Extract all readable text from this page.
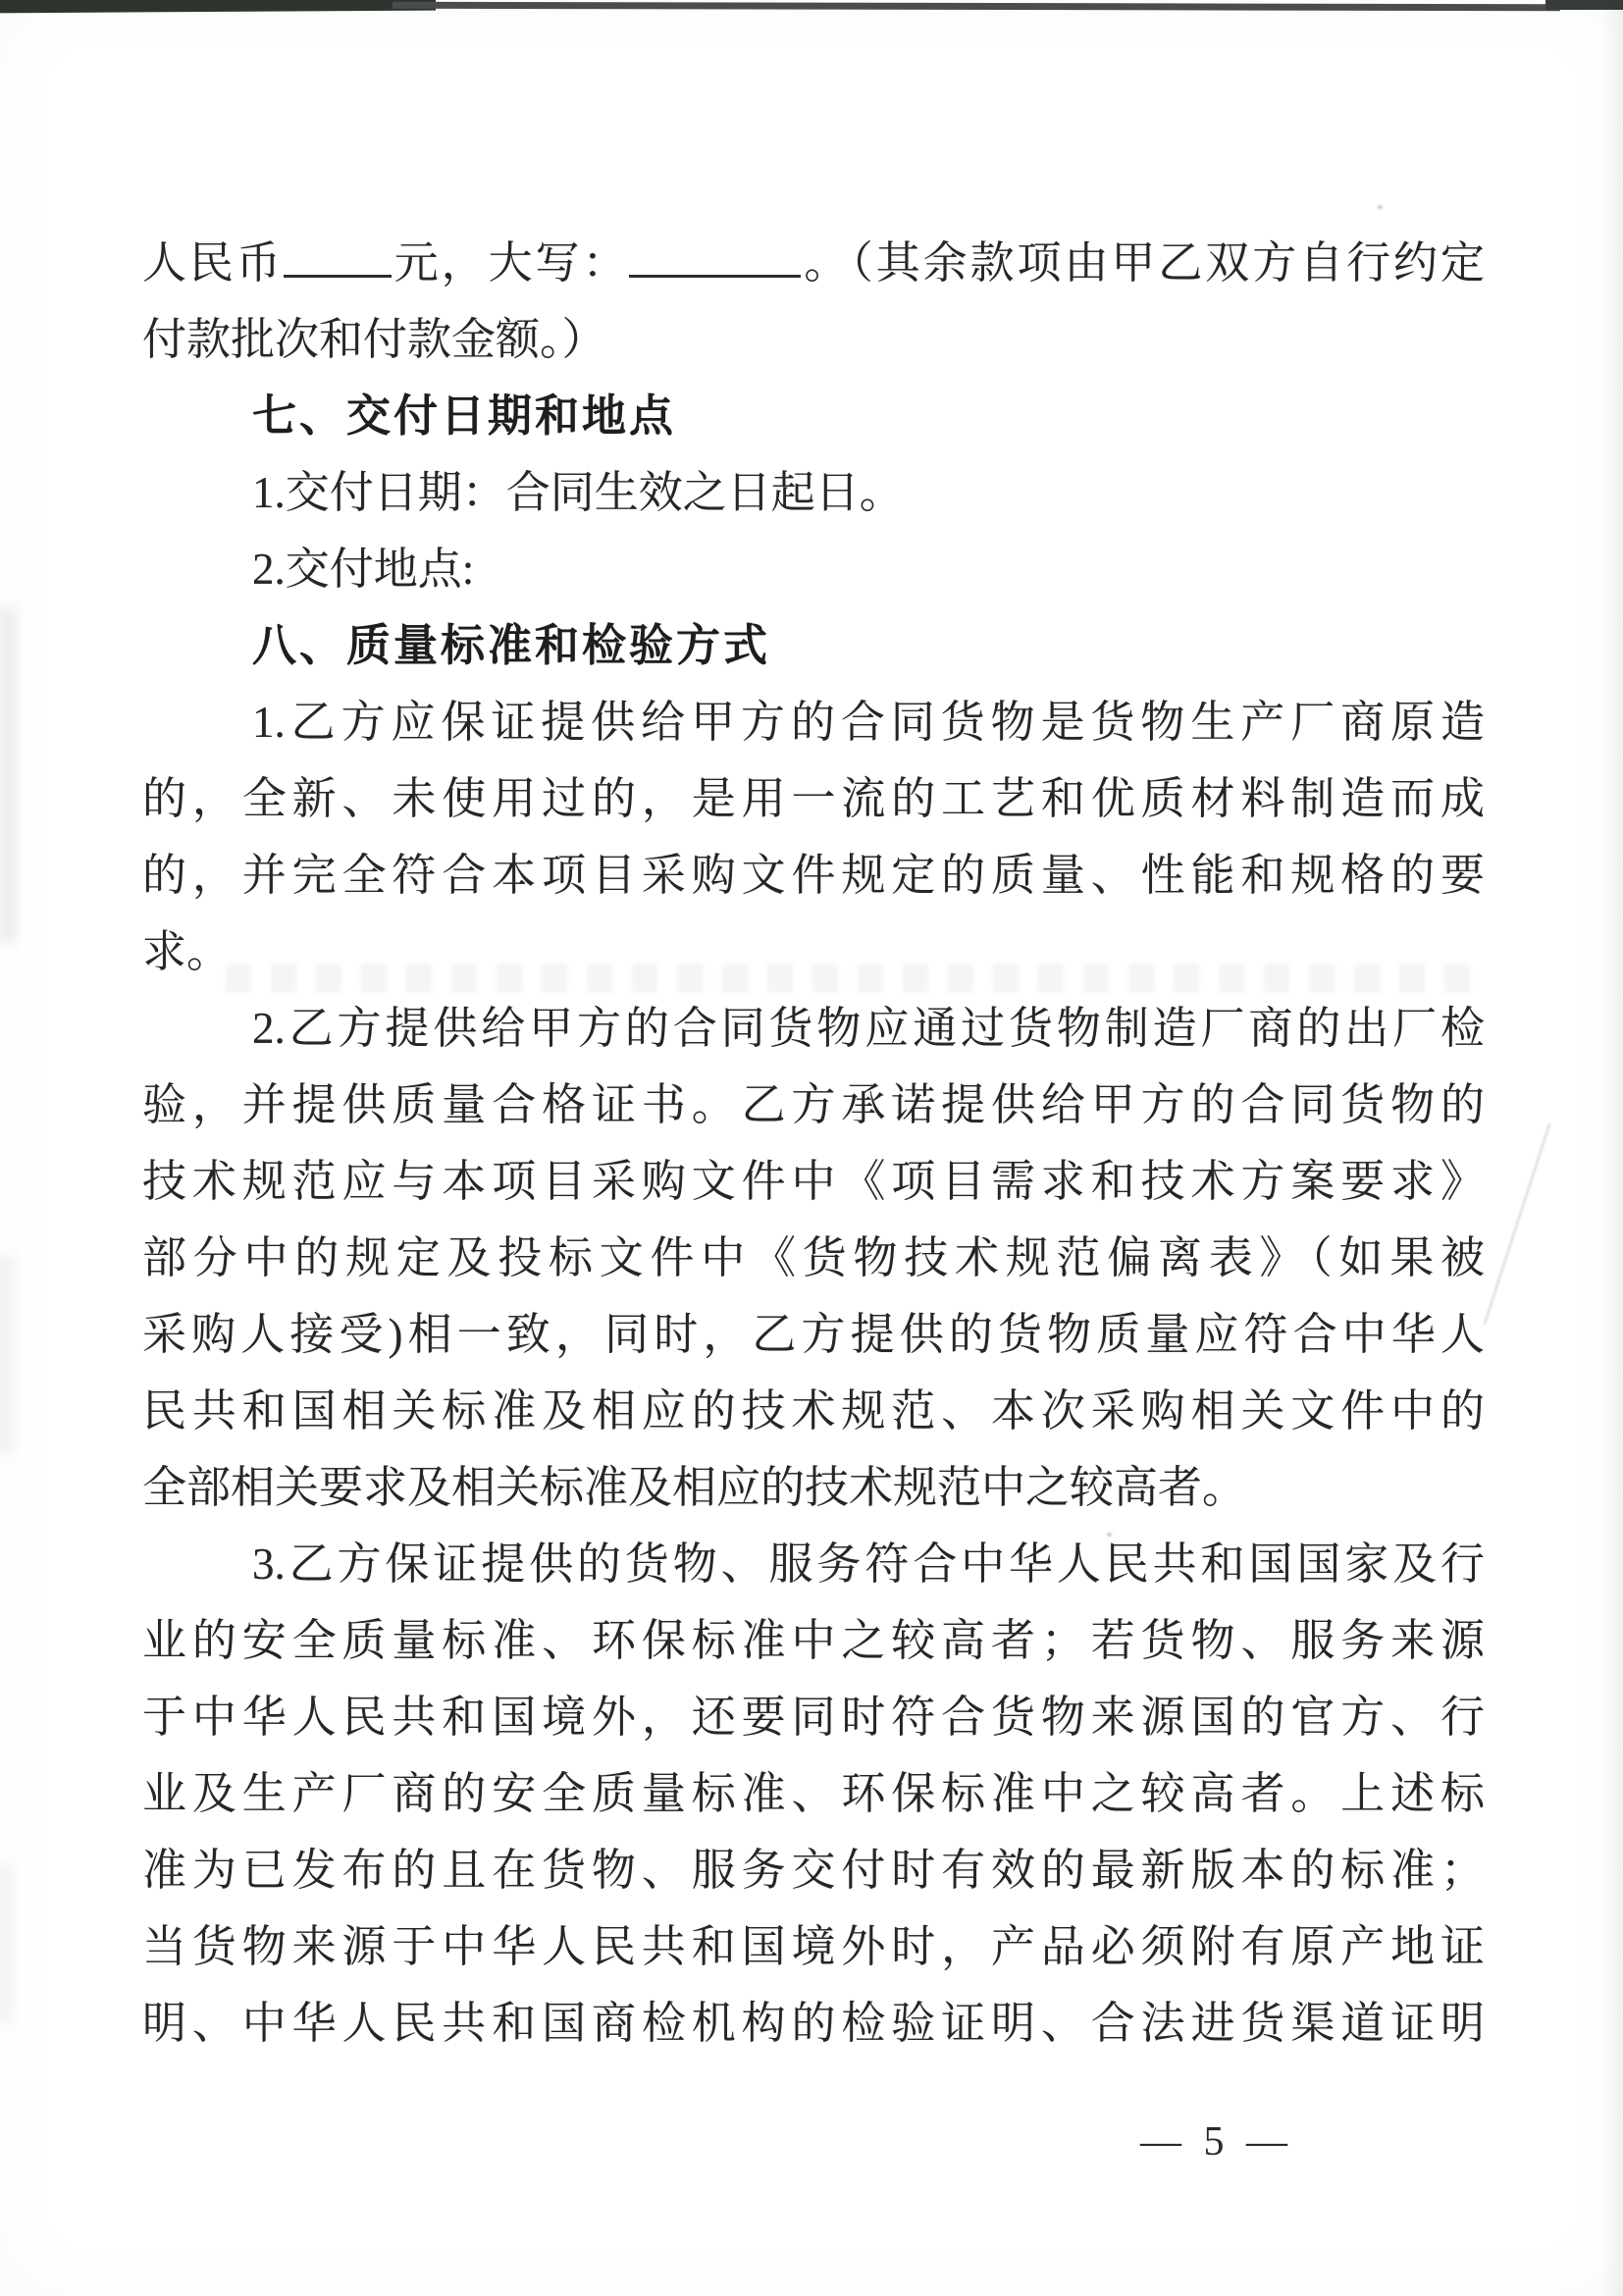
人民币 元，大写：	。（其余款项由甲乙双方自行约定
付款批次和付款金额。）
七、交付日期和地点
1.交付日期：合同生效之日起日。
2.交付地点:
八、质量标准和检验方式
1.乙方应保证提供给甲方的合同货物是货物生产厂商原造
的，全新、未使用过的，是用一流的工艺和优质材料制造而成
的，并完全符合本项目采购文件规定的质量、性能和规格的要
求。
2.乙方提供给甲方的合同货物应通过货物制造厂商的出厂检
验，并提供质量合格证书。乙方承诺提供给甲方的合同货物的
技术规范应与本项目采购文件中《项目需求和技术方案要求》
部分中的规定及投标文件中《货物技术规范偏离表》（如果被
采购人接受)相一致，同时，乙方提供的货物质量应符合中华人
民共和国相关标准及相应的技术规范、本次采购相关文件中的
全部相关要求及相关标准及相应的技术规范中之较高者。
3.乙方保证提供的货物、服务符合中华人民共和国国家及行
业的安全质量标准、环保标准中之较高者；若货物、服务来源
于中华人民共和国境外，还要同时符合货物来源国的官方、行
业及生产厂商的安全质量标准、环保标准中之较高者。上述标
准为已发布的且在货物、服务交付时有效的最新版本的标准；
当货物来源于中华人民共和国境外时，产品必须附有原产地证
明、中华人民共和国商检机构的检验证明、合法进货渠道证明
— 5 —
